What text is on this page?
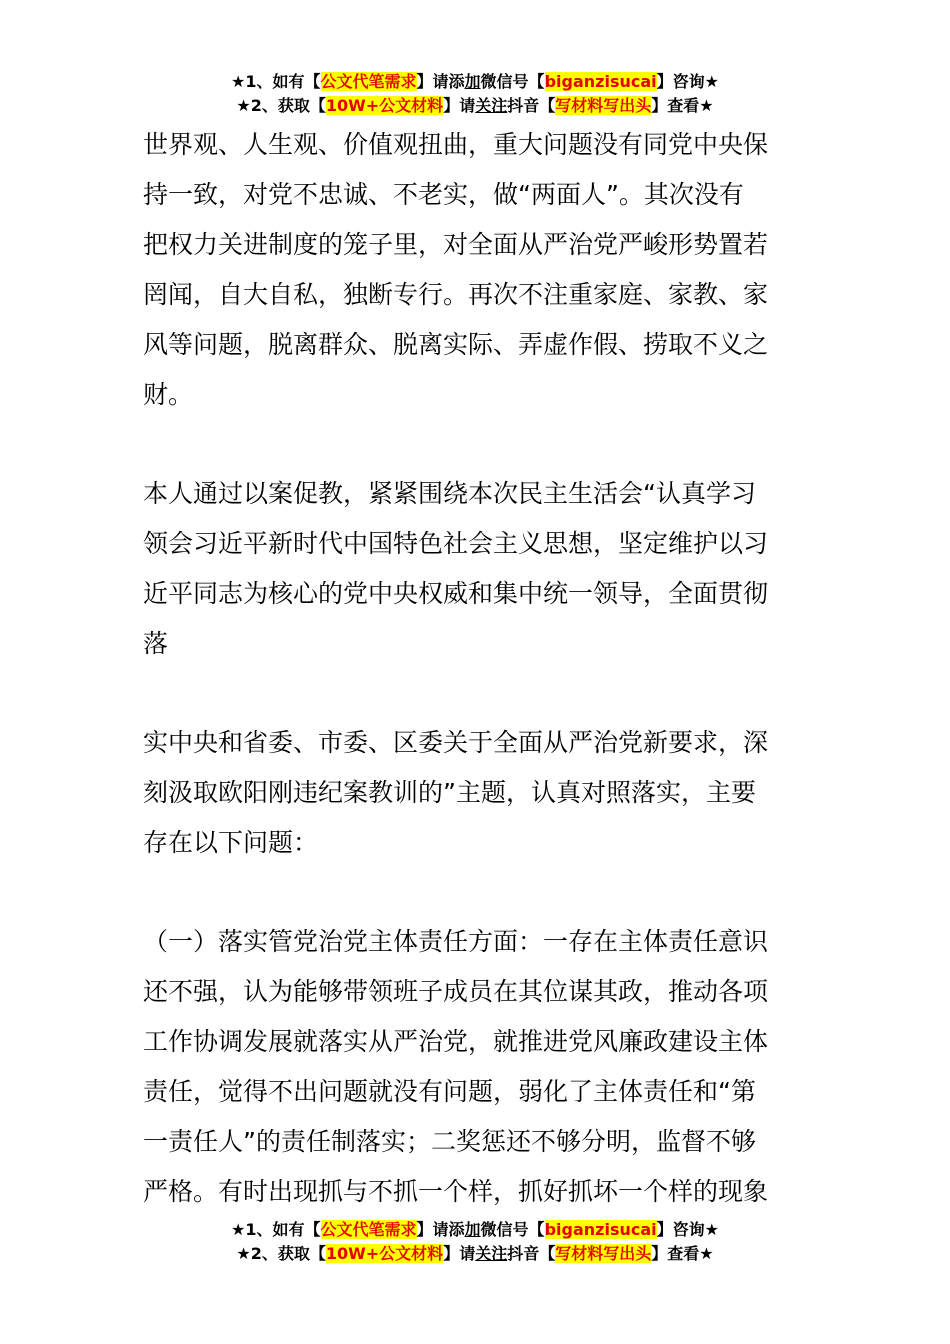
★1、如有【公文代笔需求】请添加微信号【biganzisucai】咨询★
★2、获取【10W+公文材料】请关注抖音【写材料写出头】查看★
世界观、人生观、价值观扭曲，重大问题没有同党中央保
持一致，对党不忠诚、不老实，做“两面人”。其次没有
把权力关进制度的笼子里，对全面从严治党严峻形势置若
罔闻，自大自私，独断专行。再次不注重家庭、家教、家
风等问题，脱离群众、脱离实际、弄虚作假、捞取不义之
财。
本人通过以案促教，紧紧围绕本次民主生活会“认真学习
领会习近平新时代中国特色社会主义思想，坚定维护以习
近平同志为核心的党中央权威和集中统一领导，全面贯彻
落
实中央和省委、市委、区委关于全面从严治党新要求，深
刻汲取欧阳刚违纪案教训的”主题，认真对照落实，主要
存在以下问题：
（一）落实管党治党主体责任方面：一存在主体责任意识
还不强，认为能够带领班子成员在其位谋其政，推动各项
工作协调发展就落实从严治党，就推进党风廉政建设主体
责任，觉得不出问题就没有问题，弱化了主体责任和“第
一责任人”的责任制落实；二奖惩还不够分明，监督不够
严格。有时出现抓与不抓一个样，抓好抓坏一个样的现象
★1、如有【公文代笔需求】请添加微信号【biganzisucai】咨询★
★2、获取【10W+公文材料】请关注抖音【写材料写出头】查看★
